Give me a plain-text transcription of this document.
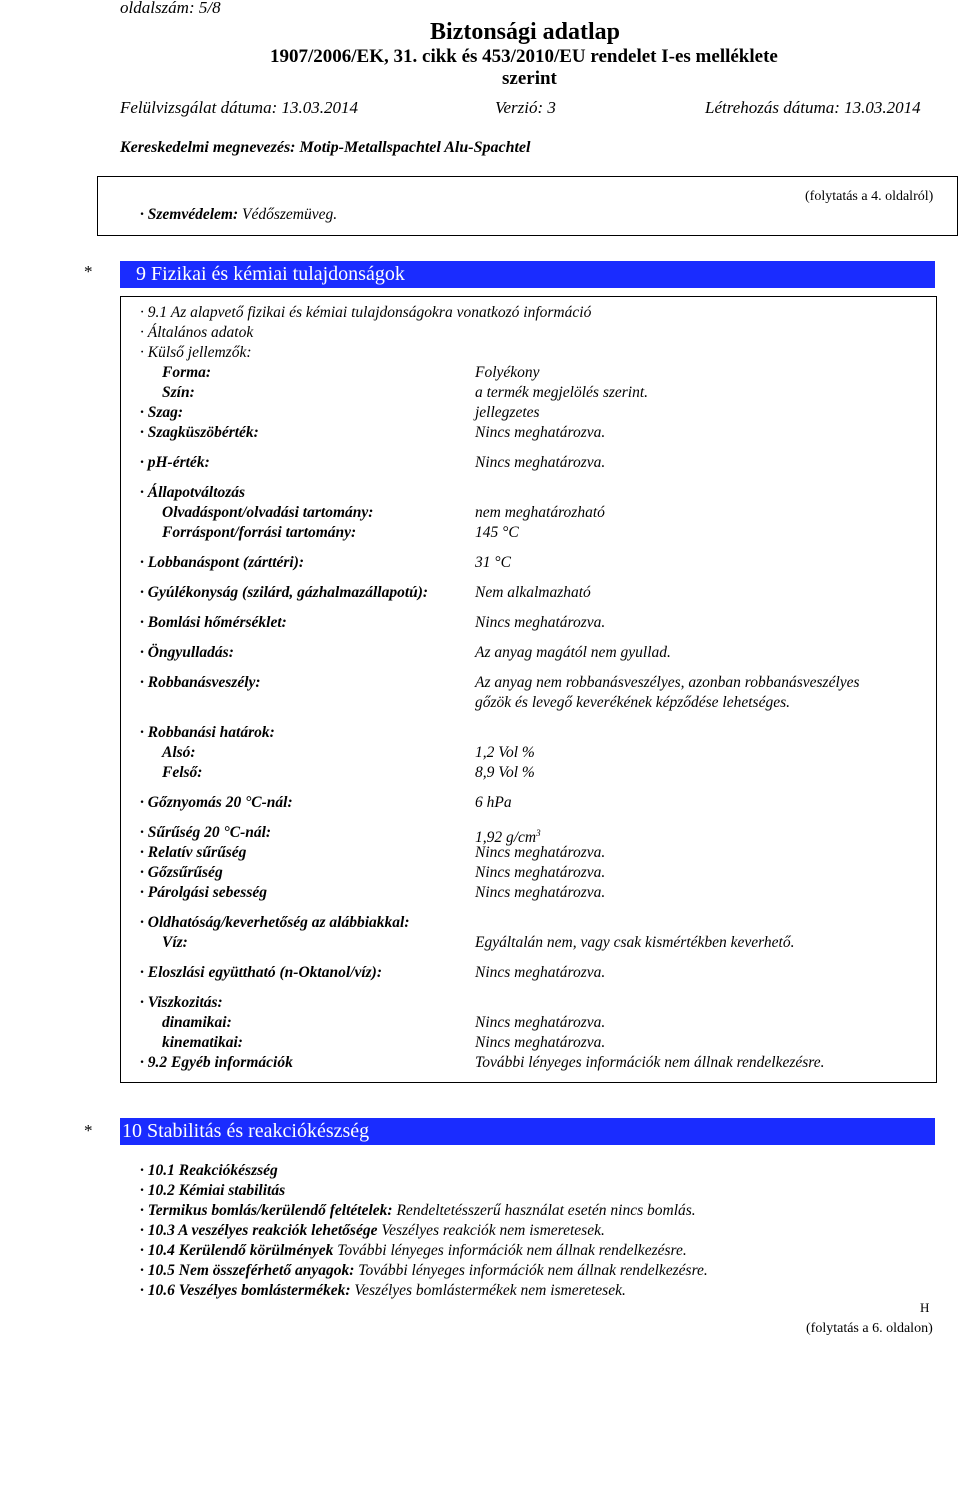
oldalszám: 5/8
Biztonsági adatlap
1907/2006/EK, 31. cikk és 453/2010/EU rendelet I-es melléklete
szerint
Felülvizsgálat dátuma: 13.03.2014	Verzió: 3	Létrehozás dátuma: 13.03.2014
Kereskedelmi megnevezés: Motip-Metallspachtel Alu-Spachtel
(folytatás a 4. oldalról)
· Szemvédelem: Védőszemüveg.
* 9 Fizikai és kémiai tulajdonságok
· 9.1 Az alapvető fizikai és kémiai tulajdonságokra vonatkozó információ
· Általános adatok
· Külső jellemzők:
Forma:	Folyékony
Szín:	a termék megjelölés szerint.
· Szag:	jellegzetes
· Szagküszöbérték:	Nincs meghatározva.
· pH-érték:	Nincs meghatározva.
· Állapotváltozás
Olvadáspont/olvadási tartomány:	nem meghatározható
Forráspont/forrási tartomány:	145 °C
· Lobbanáspont (zárttéri):	31 °C
· Gyúlékonyság (szilárd, gázhalmazállapotú):	Nem alkalmazható
· Bomlási hőmérséklet:	Nincs meghatározva.
· Öngyulladás:	Az anyag magától nem gyullad.
· Robbanásveszély:	Az anyag nem robbanásveszélyes, azonban robbanásveszélyes
gőzök és levegő keverékének képződése lehetséges.
· Robbanási határok:
Alsó:	1,2 Vol %
Felső:	8,9 Vol %
· Gőznyomás 20 °C-nál:	6 hPa
· Sűrűség 20 °C-nál:	1,92 $g/cm^3$
· Relatív sűrűség	Nincs meghatározva.
· Gőzsűrűség	Nincs meghatározva.
· Párolgási sebesség	Nincs meghatározva.
· Oldhatóság/keverhetőség az alábbiakkal:
Víz:	Egyáltalán nem, vagy csak kismértékben keverhető.
· Eloszlási együttható (n-Oktanol/víz):	Nincs meghatározva.
· Viszkozitás:
dinamikai:	Nincs meghatározva.
kinematikai:	Nincs meghatározva.
· 9.2 Egyéb információk	További lényeges információk nem állnak rendelkezésre.
* 10 Stabilitás és reakciókészség
· 10.1 Reakciókészség
· 10.2 Kémiai stabilitás
· Termikus bomlás/kerülendő feltételek: Rendeltetésszerű használat esetén nincs bomlás.
· 10.3 A veszélyes reakciók lehetősége Veszélyes reakciók nem ismeretesek.
· 10.4 Kerülendő körülmények További lényeges információk nem állnak rendelkezésre.
· 10.5 Nem összeférhető anyagok: További lényeges információk nem állnak rendelkezésre.
· 10.6 Veszélyes bomlástermékek: Veszélyes bomlástermékek nem ismeretesek.
H
(folytatás a 6. oldalon)
